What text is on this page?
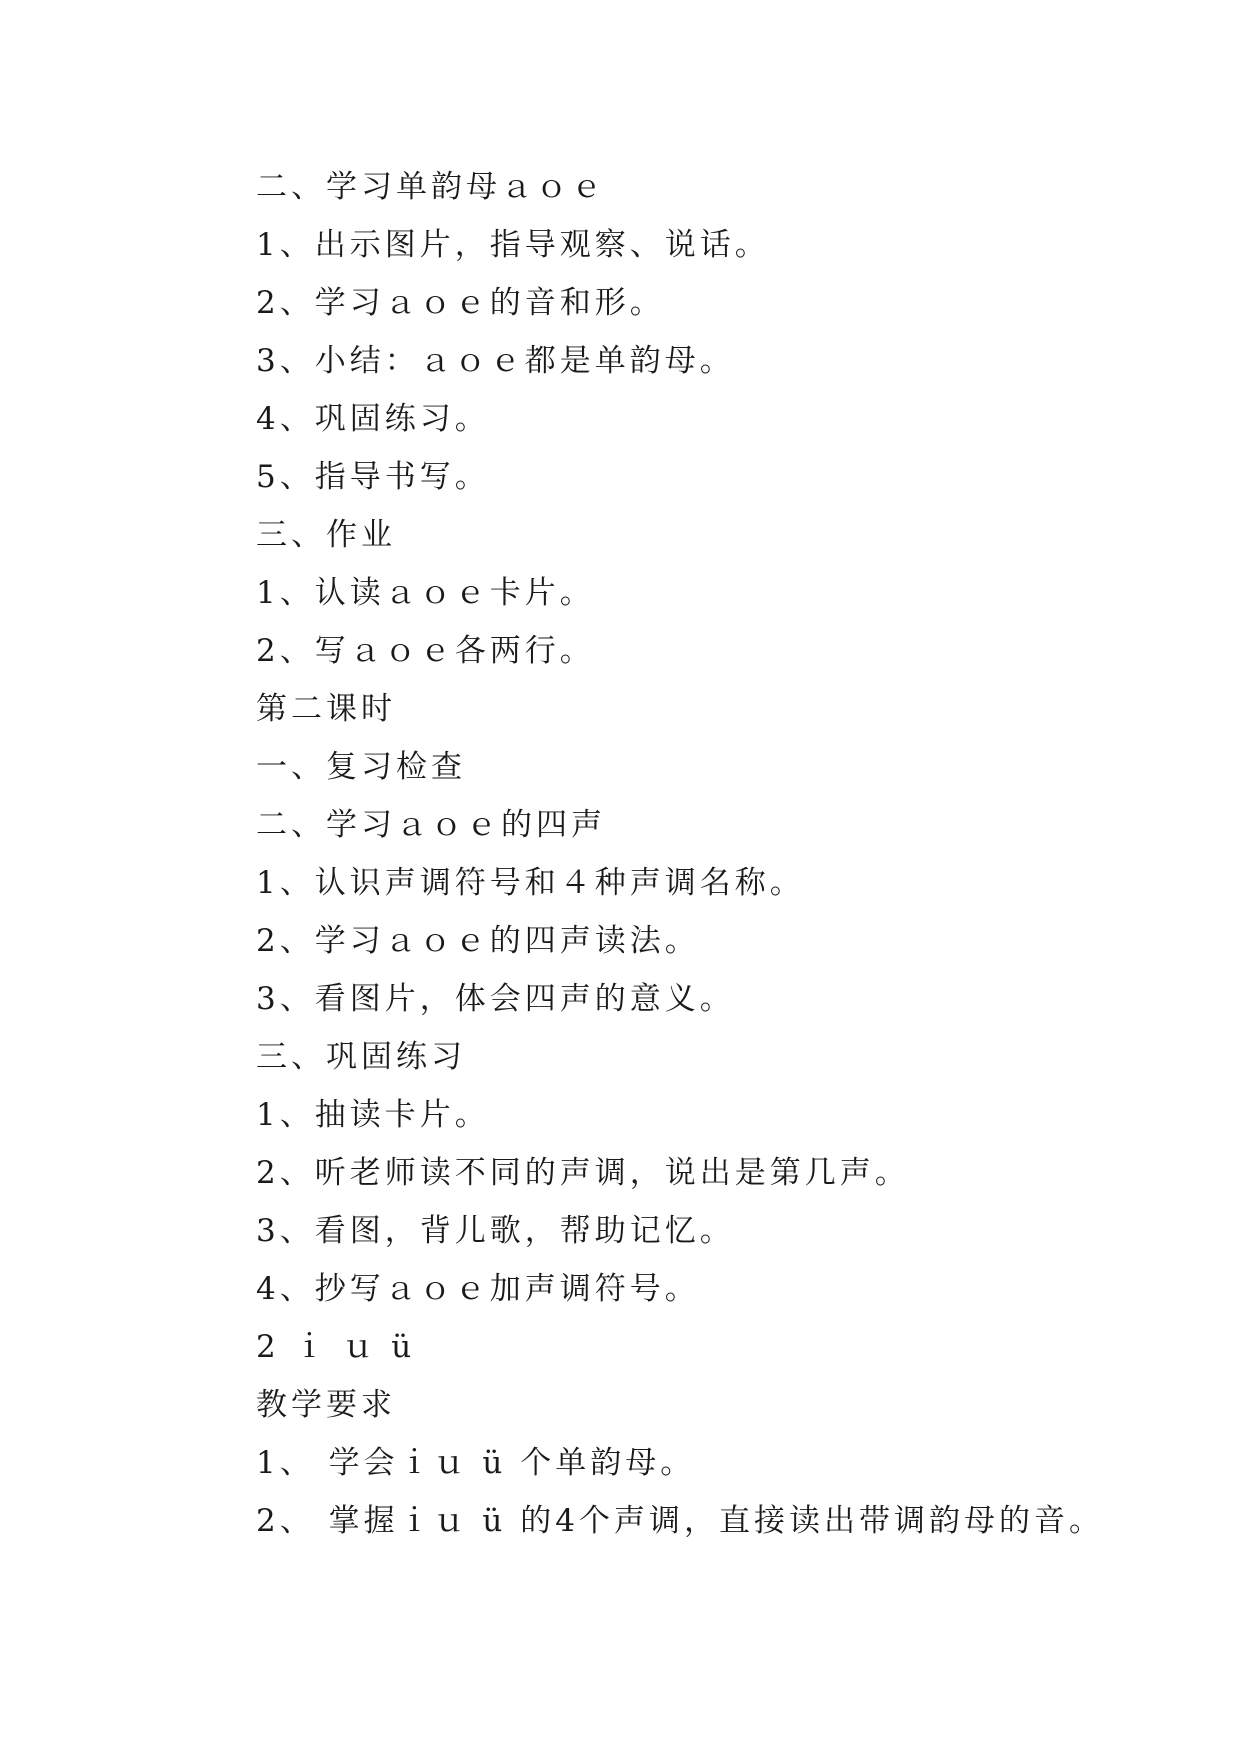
二、学习单韵母ａｏｅ
1、出示图片，指导观察、说话。
2、学习ａｏｅ的音和形。
3、小结：ａｏｅ都是单韵母。
4、巩固练习。
5、指导书写。
三、作业
1、认读ａｏｅ卡片。
2、写ａｏｅ各两行。
第二课时
一、复习检查
二、学习ａｏｅ的四声
1、认识声调符号和４种声调名称。
2、学习ａｏｅ的四声读法。
3、看图片，体会四声的意义。
三、巩固练习
1、抽读卡片。
2、听老师读不同的声调，说出是第几声。
3、看图，背儿歌，帮助记忆。
4、抄写ａｏｅ加声调符号。
2 ｉ ｕ ü
教学要求
1、 学会ｉｕ ü 个单韵母。
2、 掌握ｉｕ ü 的4个声调，直接读出带调韵母的音。
